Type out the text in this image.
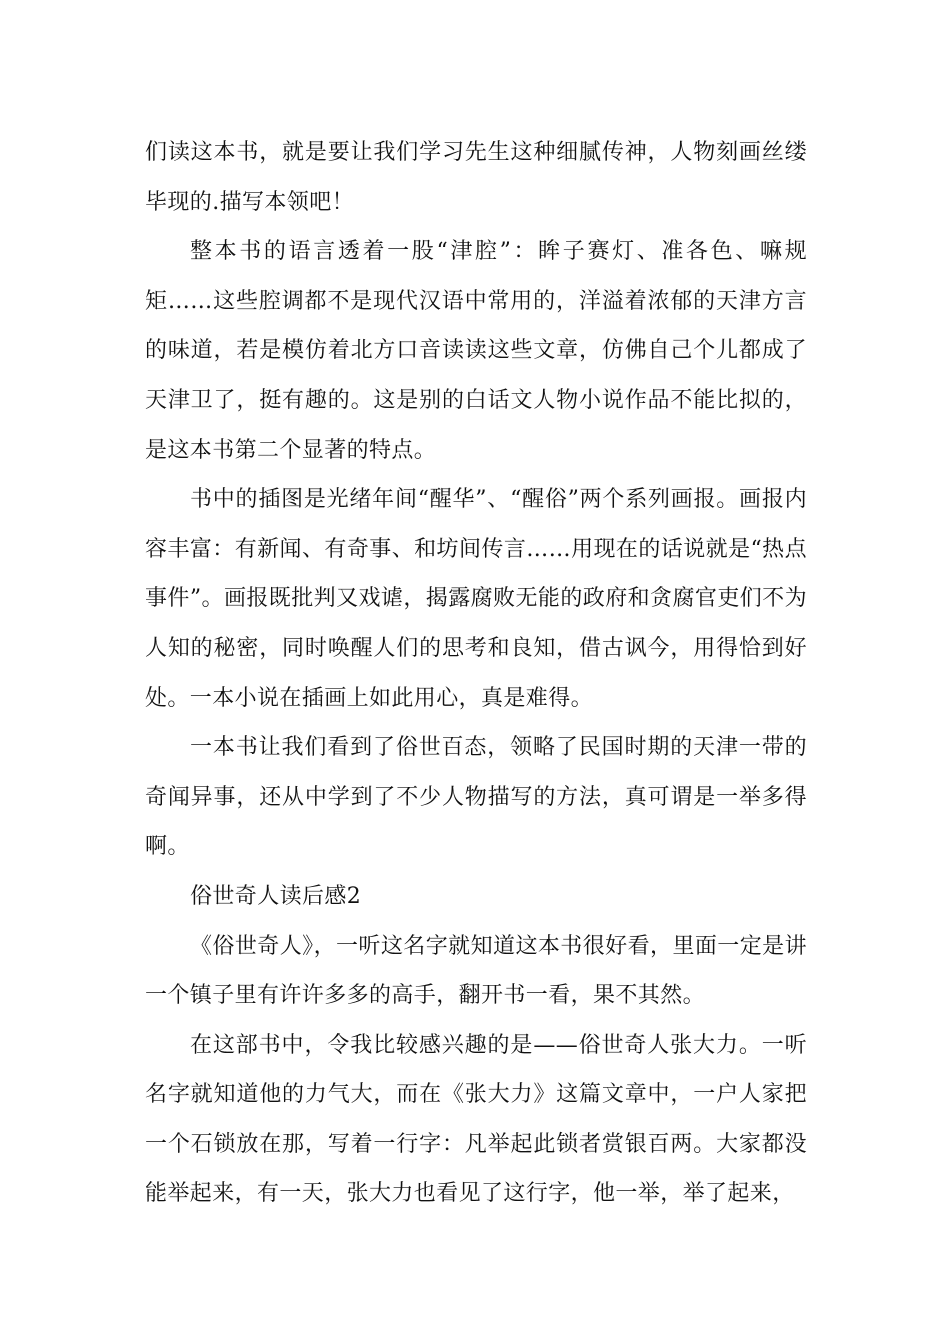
们读这本书，就是要让我们学习先生这种细腻传神，人物刻画丝缕毕现的.描写本领吧！

整本书的语言透着一股“津腔”：眸子赛灯、准各色、嘛规矩……这些腔调都不是现代汉语中常用的，洋溢着浓郁的天津方言的味道，若是模仿着北方口音读读这些文章，仿佛自己个儿都成了天津卫了，挺有趣的。这是别的白话文人物小说作品不能比拟的，是这本书第二个显著的特点。

书中的插图是光绪年间“醒华”、“醒俗”两个系列画报。画报内容丰富：有新闻、有奇事、和坊间传言……用现在的话说就是“热点事件”。画报既批判又戏谑，揭露腐败无能的政府和贪腐官吏们不为人知的秘密，同时唤醒人们的思考和良知，借古讽今，用得恰到好处。一本小说在插画上如此用心，真是难得。

一本书让我们看到了俗世百态，领略了民国时期的天津一带的奇闻异事，还从中学到了不少人物描写的方法，真可谓是一举多得啊。

俗世奇人读后感2

《俗世奇人》，一听这名字就知道这本书很好看，里面一定是讲一个镇子里有许许多多的高手，翻开书一看，果不其然。

在这部书中，令我比较感兴趣的是——俗世奇人张大力。一听名字就知道他的力气大，而在《张大力》这篇文章中，一户人家把一个石锁放在那，写着一行字：凡举起此锁者赏银百两。大家都没能举起来，有一天，张大力也看见了这行字，他一举，举了起来，
